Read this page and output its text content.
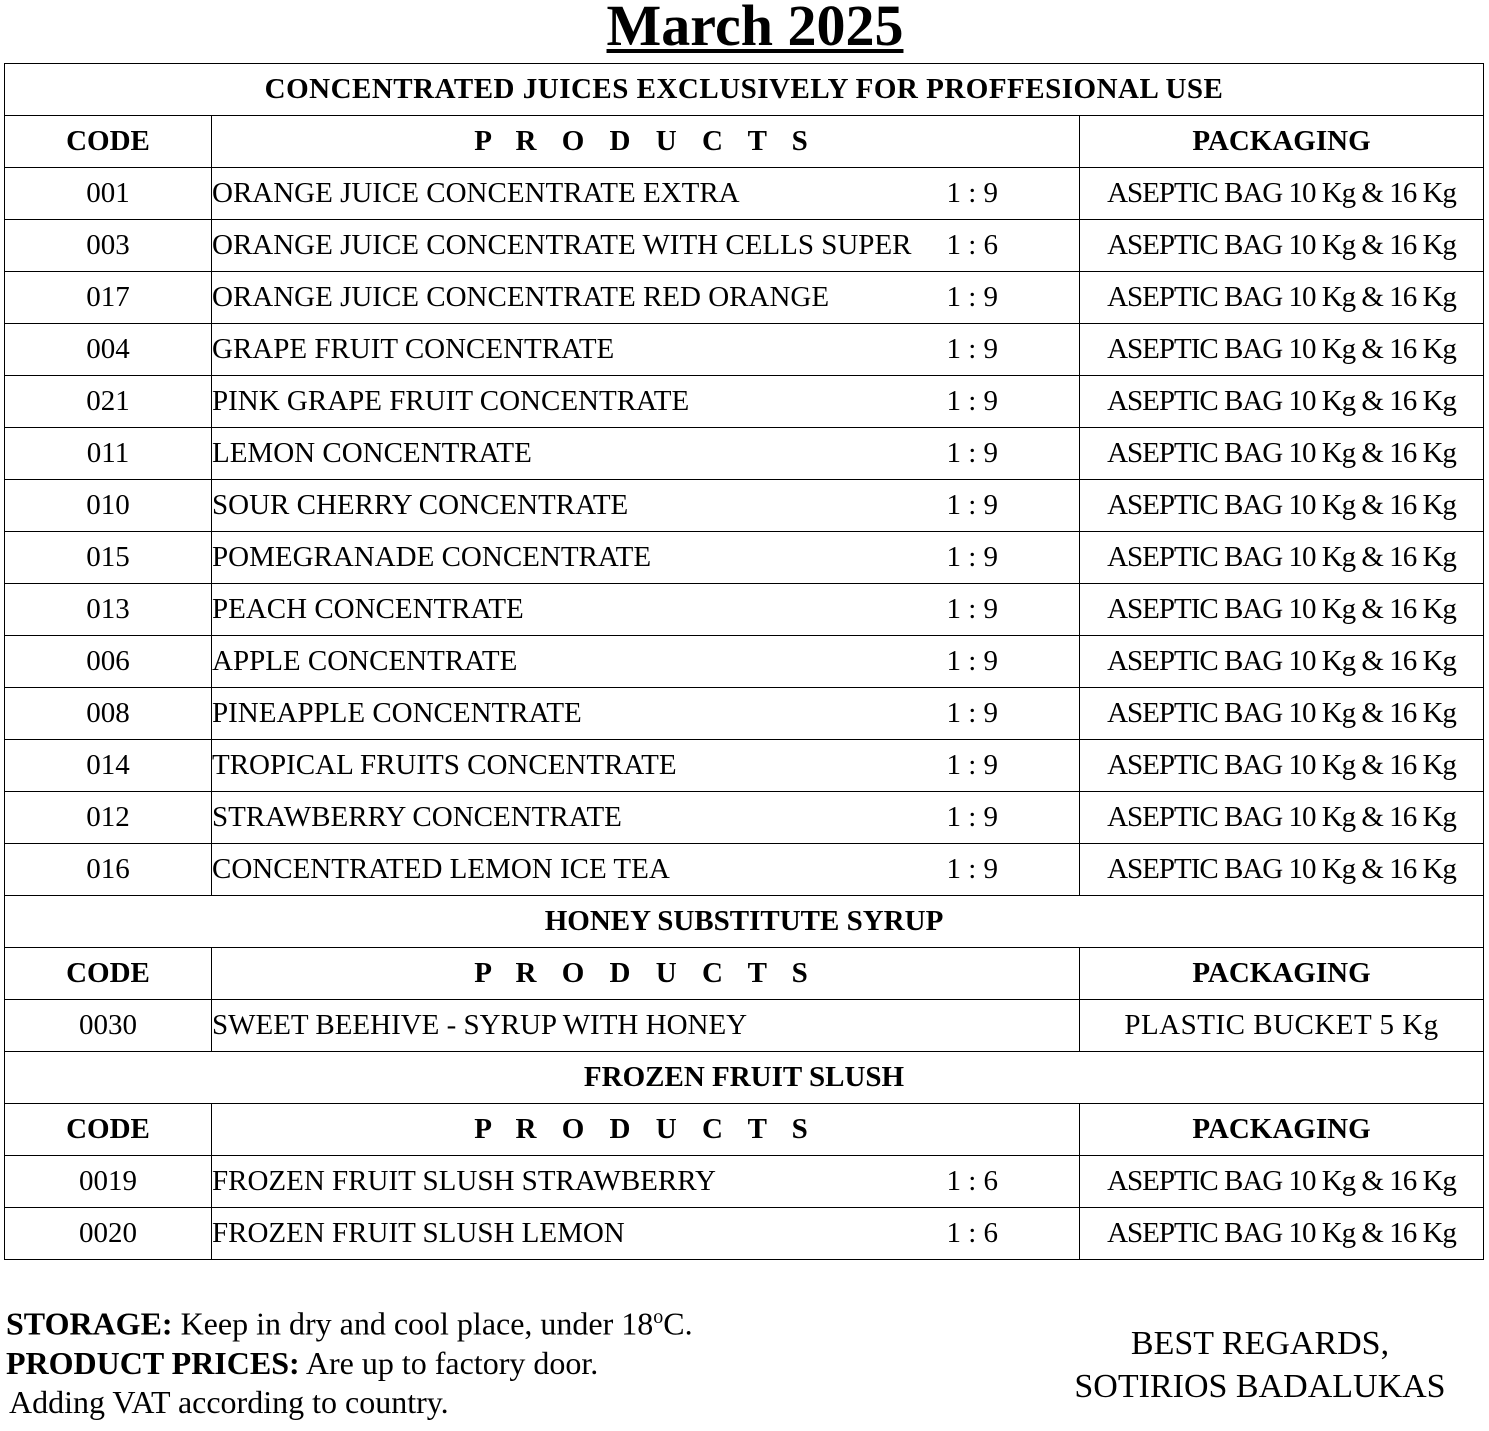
March 2025
CONCENTRATED JUICES EXCLUSIVELY FOR PROFFESIONAL USE			
CODE	P R O D U C T S		PACKAGING
001	ORANGE JUICE CONCENTRATE EXTRA	1 : 9	ASEPTIC BAG 10 Kg & 16 Kg
003	ORANGE JUICE CONCENTRATE WITH CELLS SUPER	1 : 6	ASEPTIC BAG 10 Kg & 16 Kg
017	ORANGE JUICE CONCENTRATE RED ORANGE	1 : 9	ASEPTIC BAG 10 Kg & 16 Kg
004	GRAPE FRUIT CONCENTRATE	1 : 9	ASEPTIC BAG 10 Kg & 16 Kg
021	PINK GRAPE FRUIT CONCENTRATE	1 : 9	ASEPTIC BAG 10 Kg & 16 Kg
011	LEMON CONCENTRATE	1 : 9	ASEPTIC BAG 10 Kg & 16 Kg
010	SOUR CHERRY CONCENTRATE	1 : 9	ASEPTIC BAG 10 Kg & 16 Kg
015	POMEGRANADE CONCENTRATE	1 : 9	ASEPTIC BAG 10 Kg & 16 Kg
013	PEACH CONCENTRATE	1 : 9	ASEPTIC BAG 10 Kg & 16 Kg
006	APPLE CONCENTRATE	1 : 9	ASEPTIC BAG 10 Kg & 16 Kg
008	PINEAPPLE CONCENTRATE	1 : 9	ASEPTIC BAG 10 Kg & 16 Kg
014	TROPICAL FRUITS CONCENTRATE	1 : 9	ASEPTIC BAG 10 Kg & 16 Kg
012	STRAWBERRY CONCENTRATE	1 : 9	ASEPTIC BAG 10 Kg & 16 Kg
016	CONCENTRATED LEMON ICE TEA	1 : 9	ASEPTIC BAG 10 Kg & 16 Kg
HONEY SUBSTITUTE SYRUP			
CODE	P R O D U C T S		PACKAGING
0030	SWEET BEEHIVE - SYRUP WITH HONEY		PLASTIC BUCKET 5 Kg
FROZEN FRUIT SLUSH			
CODE	P R O D U C T S		PACKAGING
0019	FROZEN FRUIT SLUSH STRAWBERRY	1 : 6	ASEPTIC BAG 10 Kg & 16 Kg
0020	FROZEN FRUIT SLUSH LEMON	1 : 6	ASEPTIC BAG 10 Kg & 16 Kg
STORAGE: Keep in dry and cool place, under 18$^o$C.
PRODUCT PRICES: Are up to factory door.
Adding VAT according to country.
BEST REGARDS,
SOTIRIOS BADALUKAS
